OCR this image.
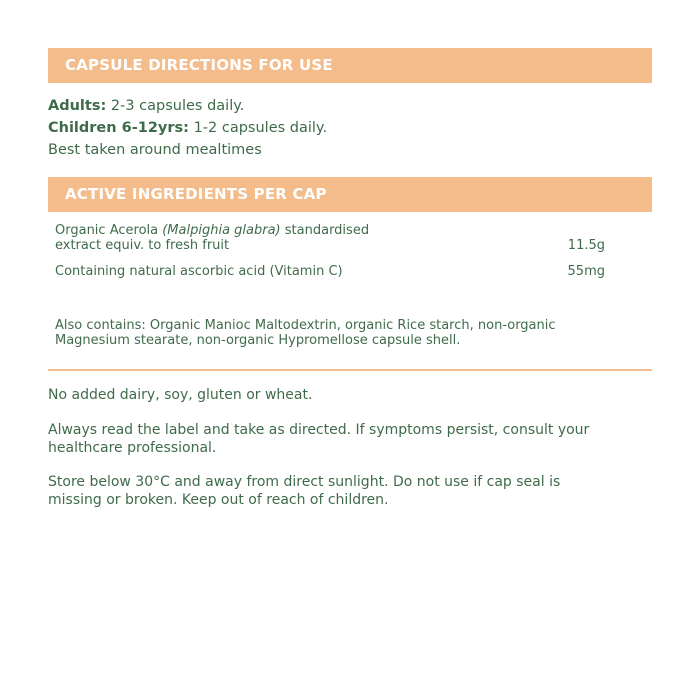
CAPSULE DIRECTIONS FOR USE
Adults: 2-3 capsules daily.
Children 6-12yrs: 1-2 capsules daily.
Best taken around mealtimes
ACTIVE INGREDIENTS PER CAP
Organic Acerola (Malpighia glabra) standardised extract equiv. to fresh fruit	11.5g
Containing natural ascorbic acid (Vitamin C)	55mg
Also contains: Organic Manioc Maltodextrin, organic Rice starch, non-organic Magnesium stearate, non-organic Hypromellose capsule shell.
No added dairy, soy, gluten or wheat.
Always read the label and take as directed. If symptoms persist, consult your healthcare professional.
Store below 30°C and away from direct sunlight. Do not use if cap seal is missing or broken. Keep out of reach of children.
